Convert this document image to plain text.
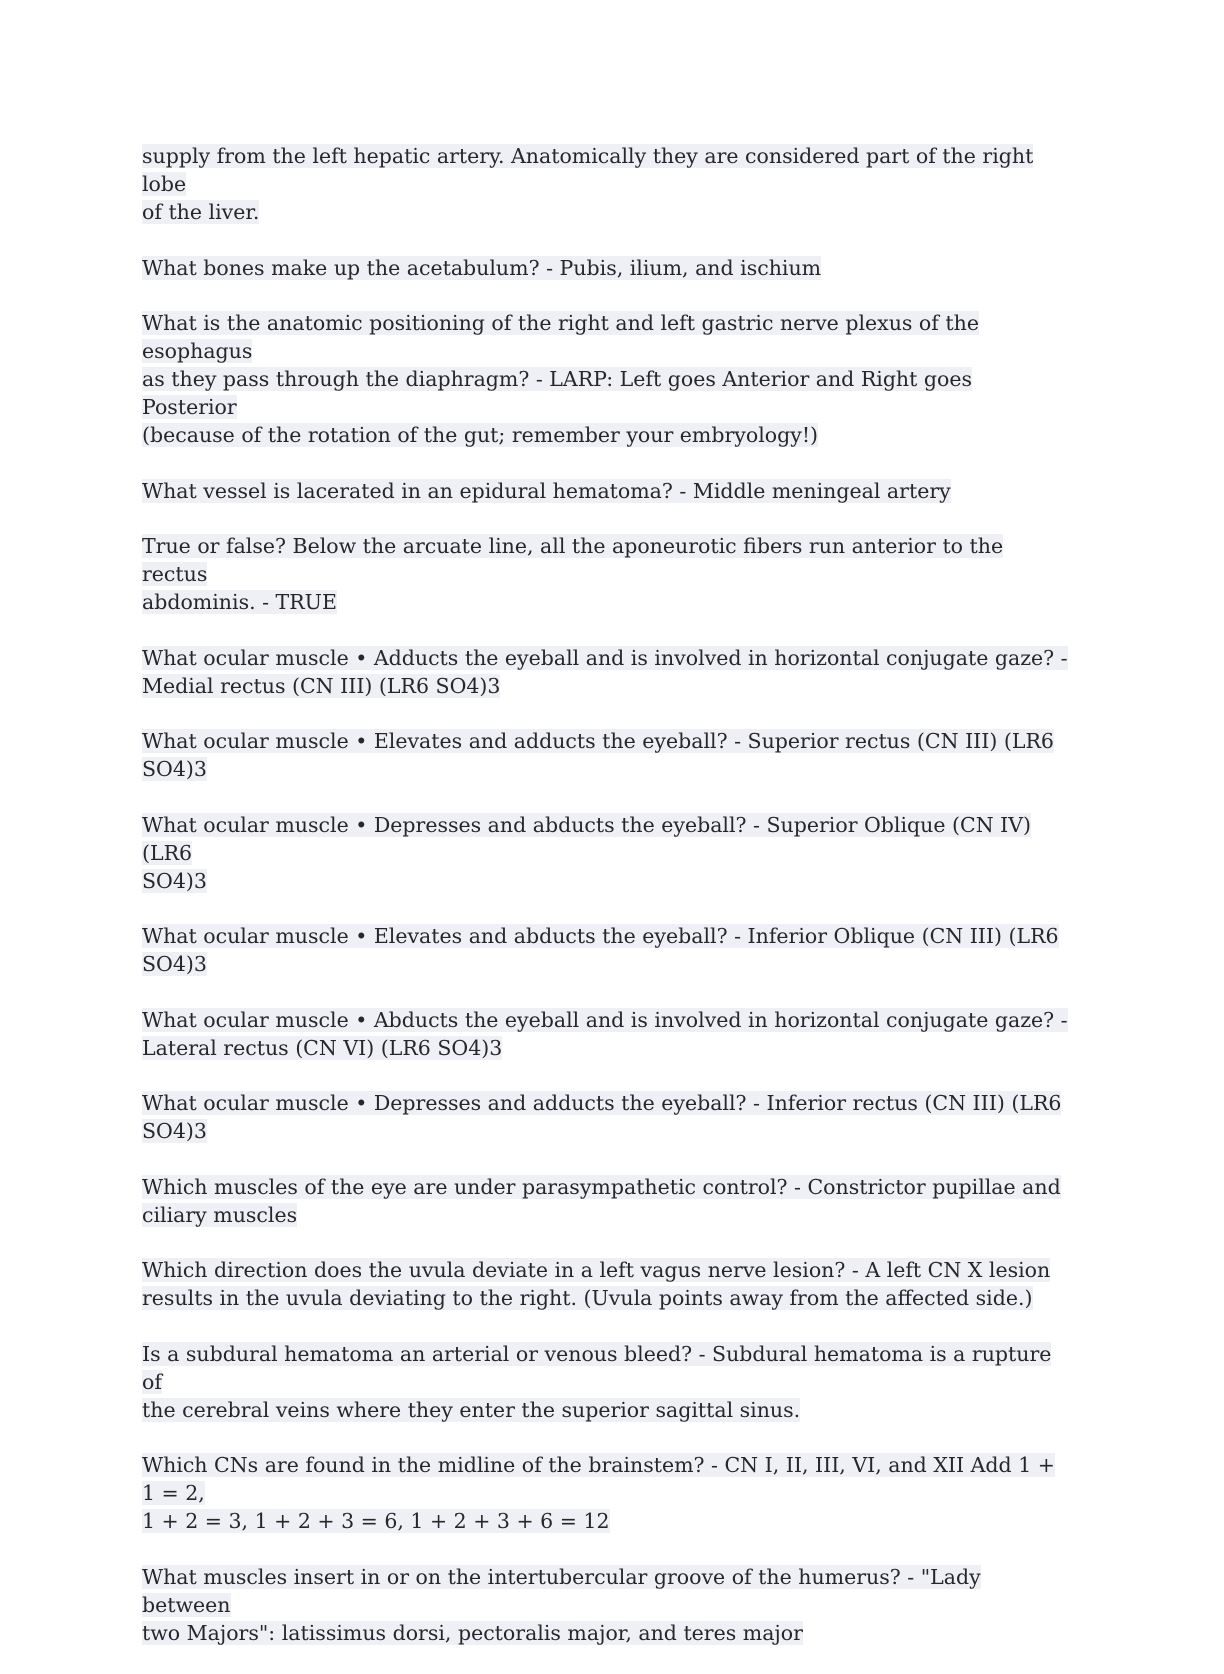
supply from the left hepatic artery. Anatomically they are considered part of the right lobe
of the liver.
What bones make up the acetabulum? - Pubis, ilium, and ischium
What is the anatomic positioning of the right and left gastric nerve plexus of the esophagus
as they pass through the diaphragm? - LARP: Left goes Anterior and Right goes Posterior
(because of the rotation of the gut; remember your embryology!)
What vessel is lacerated in an epidural hematoma? - Middle meningeal artery
True or false? Below the arcuate line, all the aponeurotic fibers run anterior to the rectus
abdominis. - TRUE
What ocular muscle • Adducts the eyeball and is involved in horizontal conjugate gaze? -
Medial rectus (CN III) (LR6 SO4)3
What ocular muscle • Elevates and adducts the eyeball? - Superior rectus (CN III) (LR6
SO4)3
What ocular muscle • Depresses and abducts the eyeball? - Superior Oblique (CN IV) (LR6
SO4)3
What ocular muscle • Elevates and abducts the eyeball? - Inferior Oblique (CN III) (LR6
SO4)3
What ocular muscle • Abducts the eyeball and is involved in horizontal conjugate gaze? -
Lateral rectus (CN VI) (LR6 SO4)3
What ocular muscle • Depresses and adducts the eyeball? - Inferior rectus (CN III) (LR6
SO4)3
Which muscles of the eye are under parasympathetic control? - Constrictor pupillae and
ciliary muscles
Which direction does the uvula deviate in a left vagus nerve lesion? - A left CN X lesion
results in the uvula deviating to the right. (Uvula points away from the affected side.)
Is a subdural hematoma an arterial or venous bleed? - Subdural hematoma is a rupture of
the cerebral veins where they enter the superior sagittal sinus.
Which CNs are found in the midline of the brainstem? - CN I, II, III, VI, and XII Add 1 + 1 = 2,
1 + 2 = 3, 1 + 2 + 3 = 6, 1 + 2 + 3 + 6 = 12
What muscles insert in or on the intertubercular groove of the humerus? - "Lady between
two Majors": latissimus dorsi, pectoralis major, and teres major
